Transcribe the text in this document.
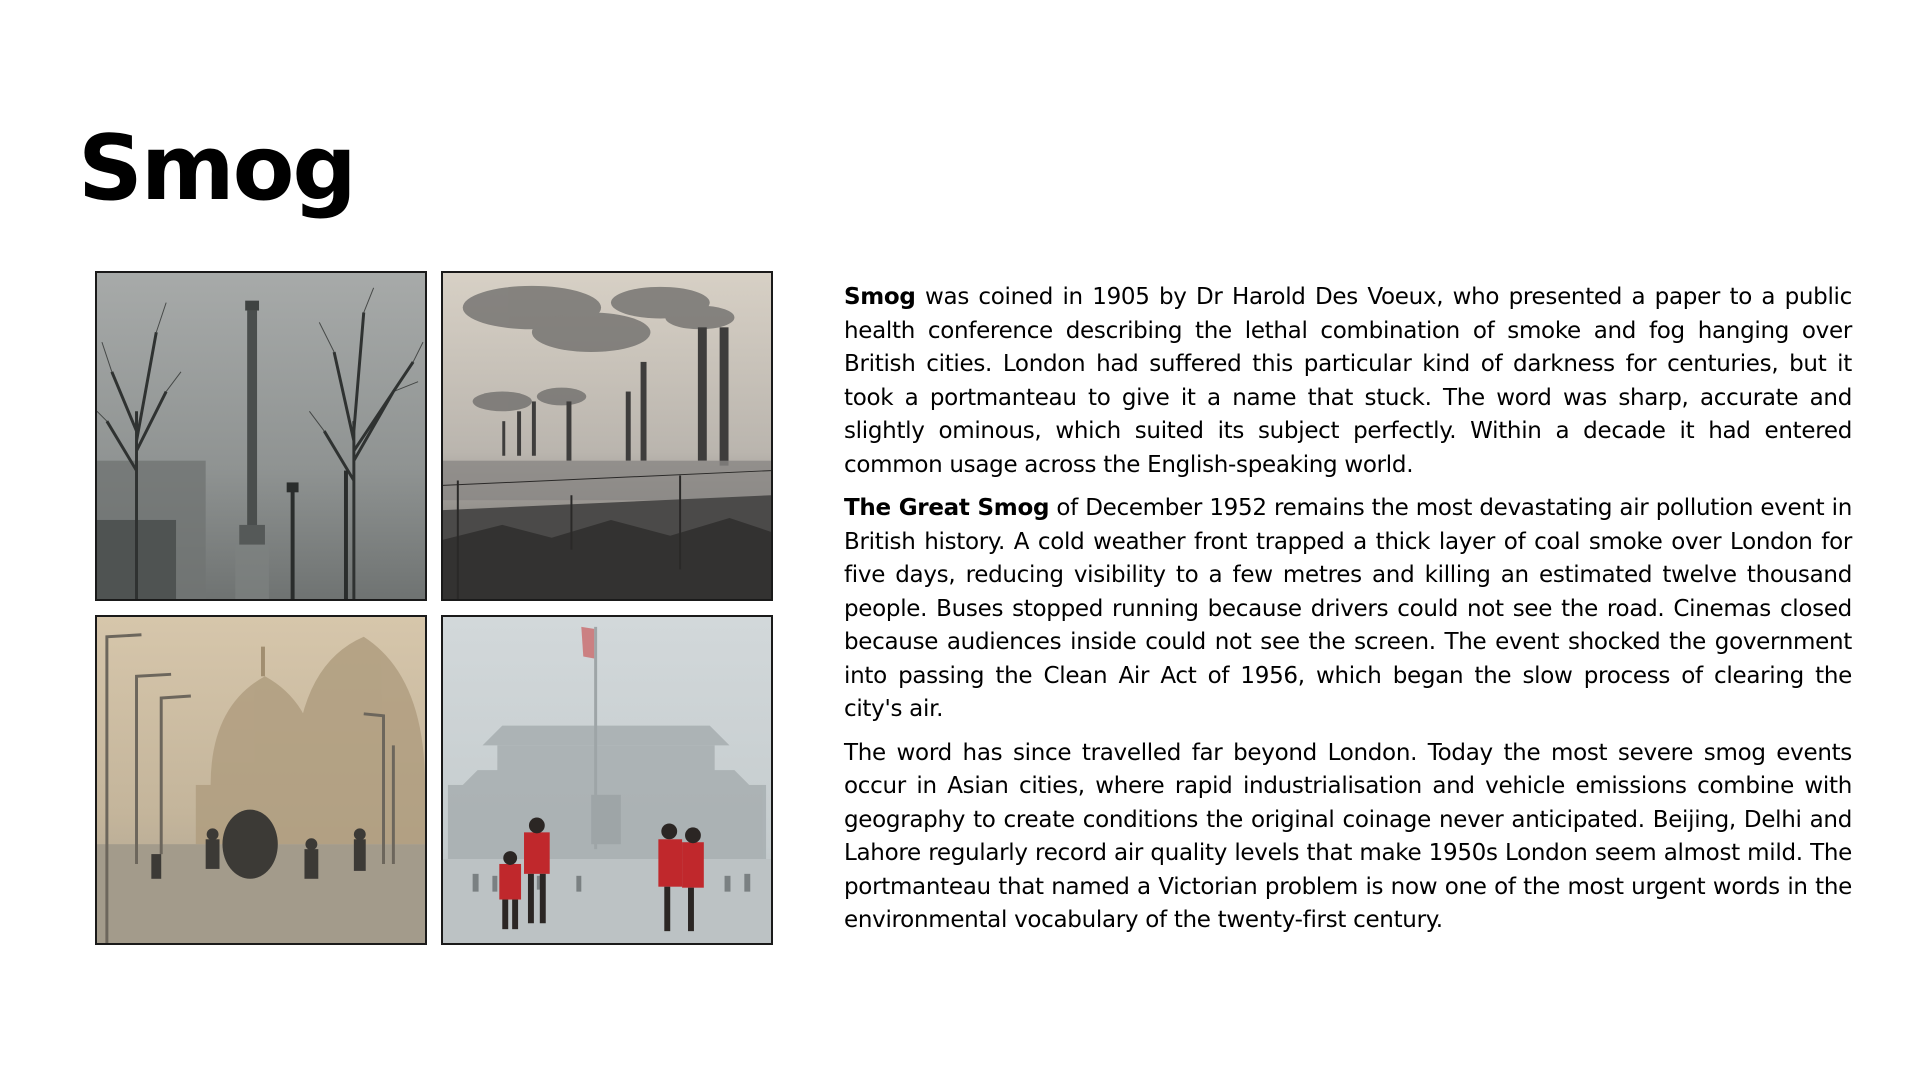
Smog

Smog was coined in 1905 by Dr Harold Des Voeux, who presented a paper to a public health conference describing the lethal combination of smoke and fog hanging over British cities. London had suffered this particular kind of darkness for centuries, but it took a portmanteau to give it a name that stuck. The word was sharp, accurate and slightly ominous, which suited its subject perfectly. Within a decade it had entered common usage across the English-speaking world.

The Great Smog of December 1952 remains the most devastating air pollution event in British history. A cold weather front trapped a thick layer of coal smoke over London for five days, reducing visibility to a few metres and killing an estimated twelve thousand people. Buses stopped running because drivers could not see the road. Cinemas closed because audiences inside could not see the screen. The event shocked the government into passing the Clean Air Act of 1956, which began the slow process of clearing the city's air.

The word has since travelled far beyond London. Today the most severe smog events occur in Asian cities, where rapid industrialisation and vehicle emissions combine with geography to create conditions the original coinage never anticipated. Beijing, Delhi and Lahore regularly record air quality levels that make 1950s London seem almost mild. The portmanteau that named a Victorian problem is now one of the most urgent words in the environmental vocabulary of the twenty-first century.
